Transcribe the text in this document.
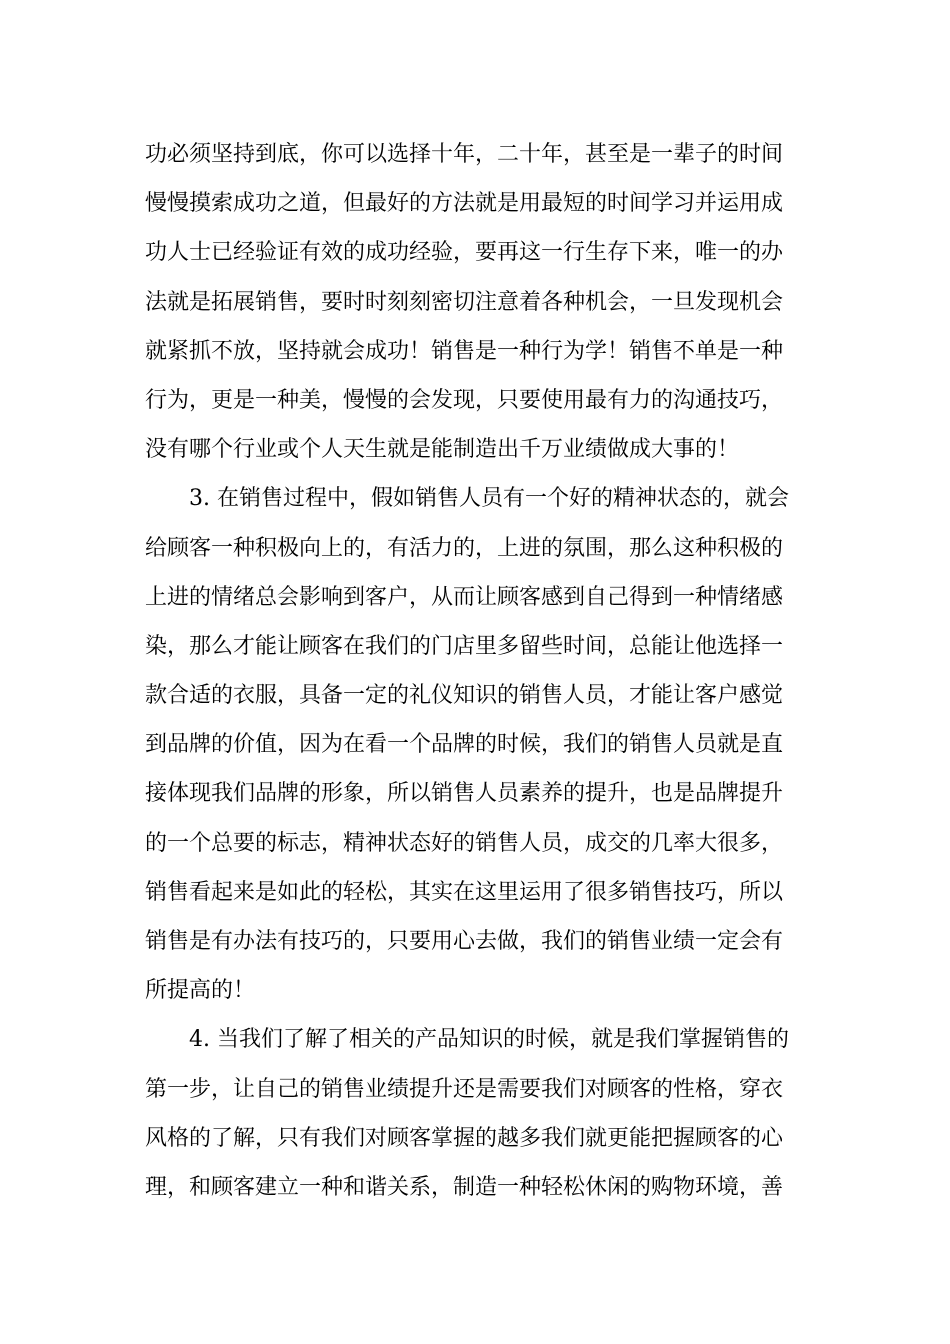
功必须坚持到底，你可以选择十年，二十年，甚至是一辈子的时间
慢慢摸索成功之道，但最好的方法就是用最短的时间学习并运用成
功人士已经验证有效的成功经验，要再这一行生存下来，唯一的办
法就是拓展销售，要时时刻刻密切注意着各种机会，一旦发现机会
就紧抓不放，坚持就会成功！销售是一种行为学！销售不单是一种
行为，更是一种美，慢慢的会发现，只要使用最有力的沟通技巧，
没有哪个行业或个人天生就是能制造出千万业绩做成大事的！
　　3. 在销售过程中，假如销售人员有一个好的精神状态的，就会
给顾客一种积极向上的，有活力的，上进的氛围，那么这种积极的
上进的情绪总会影响到客户，从而让顾客感到自己得到一种情绪感
染，那么才能让顾客在我们的门店里多留些时间，总能让他选择一
款合适的衣服，具备一定的礼仪知识的销售人员，才能让客户感觉
到品牌的价值，因为在看一个品牌的时候，我们的销售人员就是直
接体现我们品牌的形象，所以销售人员素养的提升，也是品牌提升
的一个总要的标志，精神状态好的销售人员，成交的几率大很多，
销售看起来是如此的轻松，其实在这里运用了很多销售技巧，所以
销售是有办法有技巧的，只要用心去做，我们的销售业绩一定会有
所提高的！
　　4. 当我们了解了相关的产品知识的时候，就是我们掌握销售的
第一步，让自己的销售业绩提升还是需要我们对顾客的性格，穿衣
风格的了解，只有我们对顾客掌握的越多我们就更能把握顾客的心
理，和顾客建立一种和谐关系，制造一种轻松休闲的购物环境，善
